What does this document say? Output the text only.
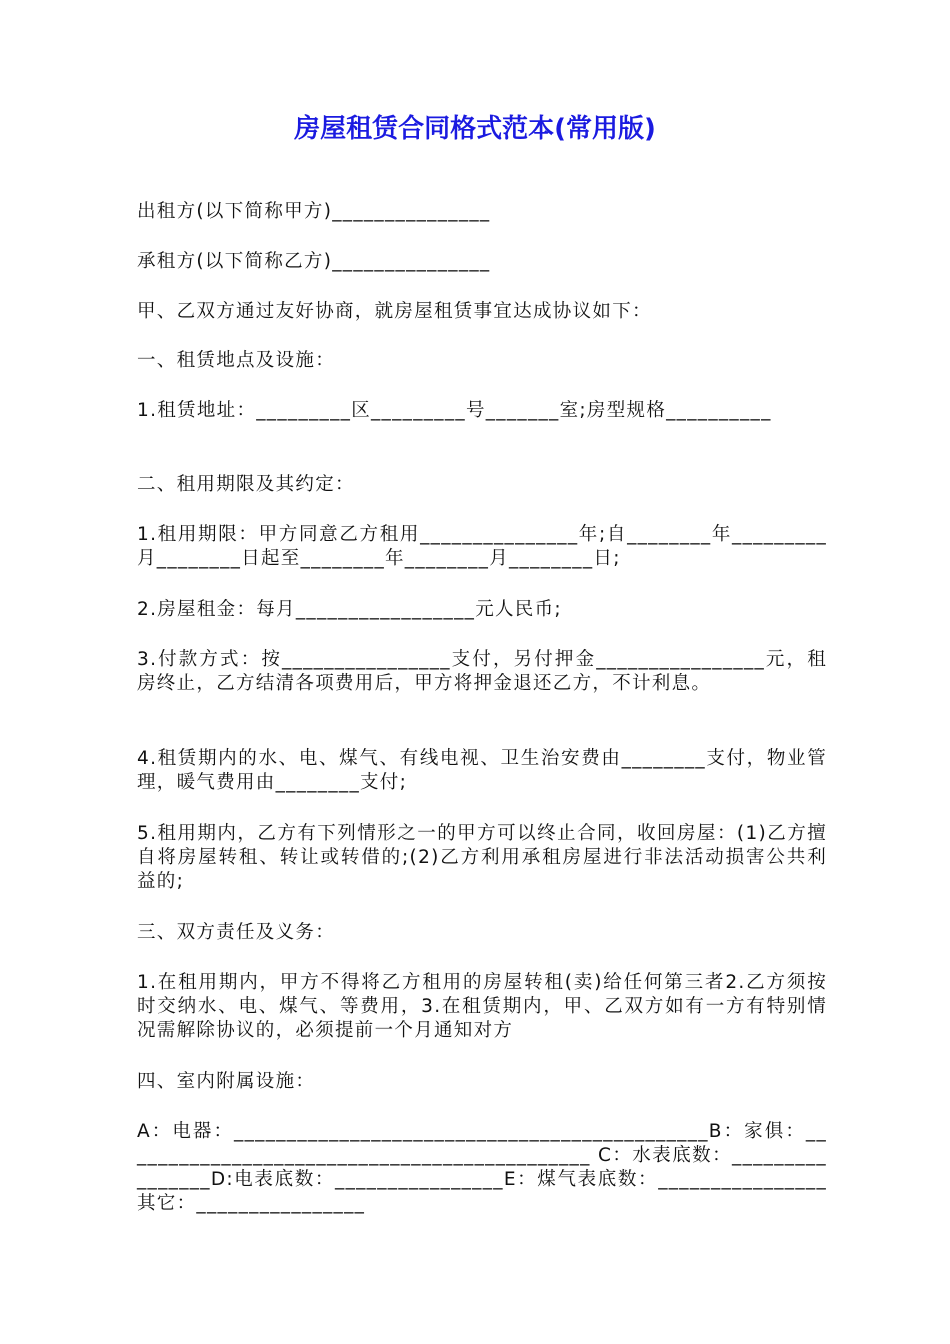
房屋租赁合同格式范本(常用版)
出租方(以下简称甲方)_______________
承租方(以下简称乙方)_______________
甲、乙双方通过友好协商，就房屋租赁事宜达成协议如下：
一、租赁地点及设施：
1.租赁地址：_________区_________号_______室;房型规格__________
二、租用期限及其约定：
1.租用期限：甲方同意乙方租用_______________年;自________年_________月________日起至________年________月________日;
2.房屋租金：每月_________________元人民币;
3.付款方式：按________________支付，另付押金________________元，租房终止，乙方结清各项费用后，甲方将押金退还乙方，不计利息。
4.租赁期内的水、电、煤气、有线电视、卫生治安费由________支付，物业管理，暖气费用由________支付;
5.租用期内，乙方有下列情形之一的甲方可以终止合同，收回房屋：(1)乙方擅自将房屋转租、转让或转借的;(2)乙方利用承租房屋进行非法活动损害公共利益的;
三、双方责任及义务：
1.在租用期内，甲方不得将乙方租用的房屋转租(卖)给任何第三者2.乙方须按时交纳水、电、煤气、等费用，3.在租赁期内，甲、乙双方如有一方有特别情况需解除协议的，必须提前一个月通知对方
四、室内附属设施：
A：电器：_____________________________________________B：家俱：_____________________________________________ C：水表底数：________________D:电表底数：________________E：煤气表底数：________________其它：________________
